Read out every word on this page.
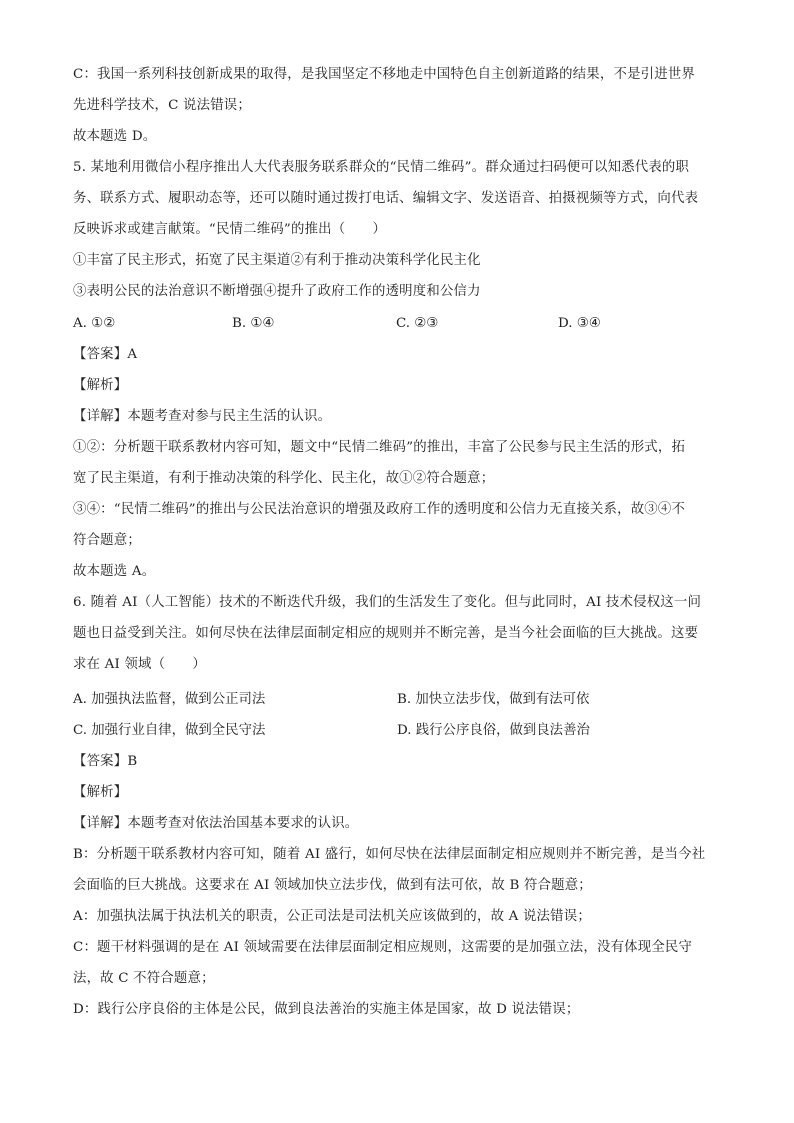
C：我国一系列科技创新成果的取得，是我国坚定不移地走中国特色自主创新道路的结果，不是引进世界
先进科学技术，C 说法错误；
故本题选 D。
5. 某地利用微信小程序推出人大代表服务联系群众的“民情二维码”。群众通过扫码便可以知悉代表的职
务、联系方式、履职动态等，还可以随时通过拨打电话、编辑文字、发送语音、拍摄视频等方式，向代表
反映诉求或建言献策。“民情二维码”的推出（　　）
①丰富了民主形式，拓宽了民主渠道②有利于推动决策科学化民主化
③表明公民的法治意识不断增强④提升了政府工作的透明度和公信力
A. ①②	B. ①④	C. ②③	D. ③④
【答案】A
【解析】
【详解】本题考查对参与民主生活的认识。
①②：分析题干联系教材内容可知，题文中“民情二维码”的推出，丰富了公民参与民主生活的形式，拓
宽了民主渠道，有利于推动决策的科学化、民主化，故①②符合题意；
③④：“民情二维码”的推出与公民法治意识的增强及政府工作的透明度和公信力无直接关系，故③④不
符合题意；
故本题选 A。
6. 随着 AI（人工智能）技术的不断迭代升级，我们的生活发生了变化。但与此同时，AI 技术侵权这一问
题也日益受到关注。如何尽快在法律层面制定相应的规则并不断完善，是当今社会面临的巨大挑战。这要
求在 AI 领域（　　）
A. 加强执法监督，做到公正司法	B. 加快立法步伐，做到有法可依
C. 加强行业自律，做到全民守法	D. 践行公序良俗，做到良法善治
【答案】B
【解析】
【详解】本题考查对依法治国基本要求的认识。
B：分析题干联系教材内容可知，随着 AI 盛行，如何尽快在法律层面制定相应规则并不断完善，是当今社
会面临的巨大挑战。这要求在 AI 领域加快立法步伐，做到有法可依，故 B 符合题意；
A：加强执法属于执法机关的职责，公正司法是司法机关应该做到的，故 A 说法错误；
C：题干材料强调的是在 AI 领域需要在法律层面制定相应规则，这需要的是加强立法，没有体现全民守
法，故 C 不符合题意；
D：践行公序良俗的主体是公民，做到良法善治的实施主体是国家，故 D 说法错误；
